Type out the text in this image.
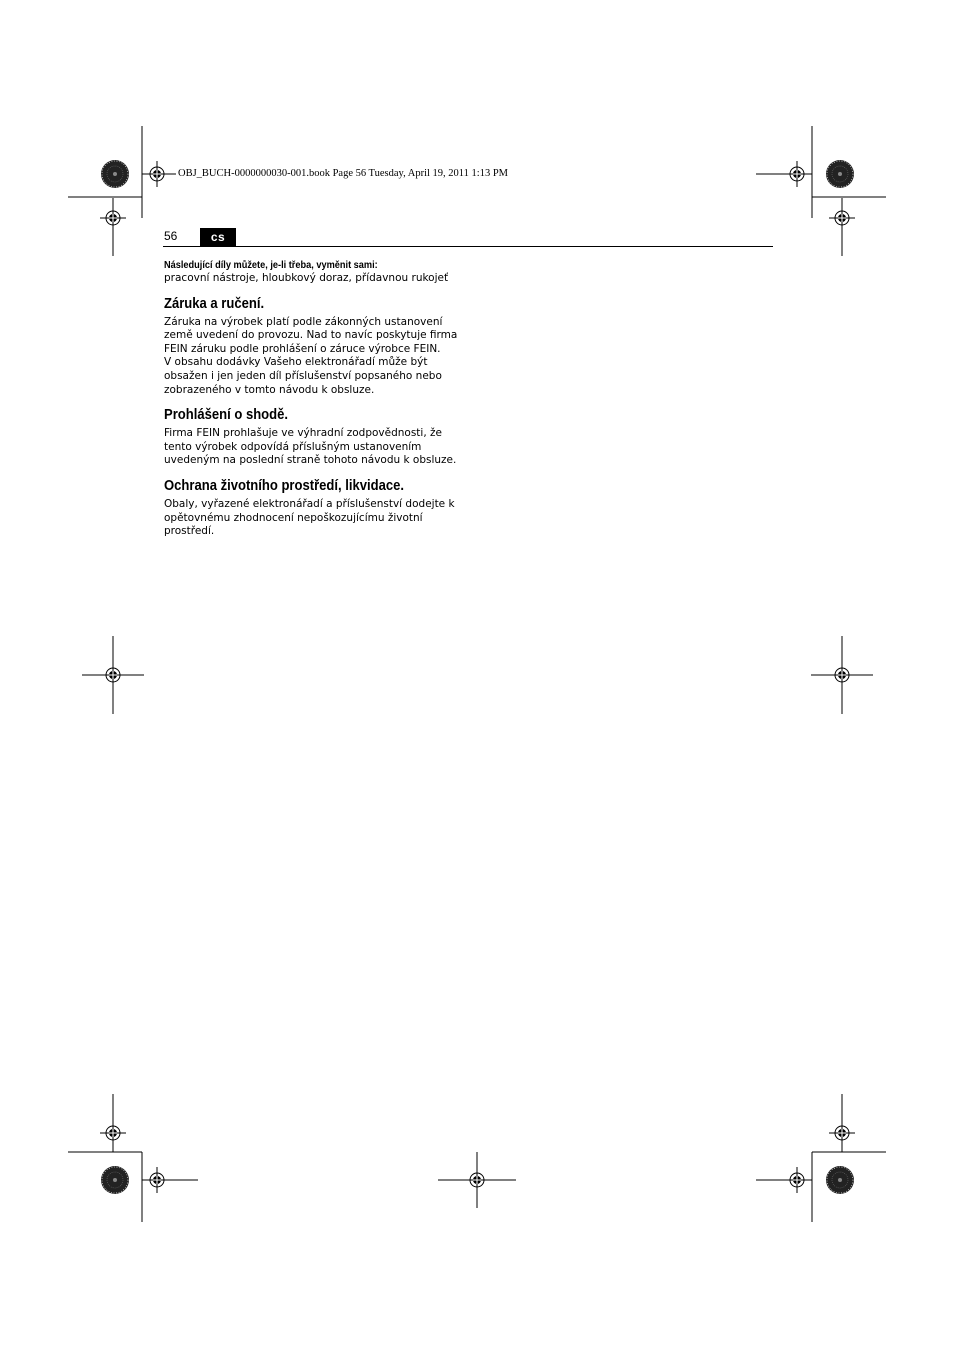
OBJ_BUCH-0000000030-001.book Page 56 Tuesday, April 19, 2011 1:13 PM
56	cs
Následující díly můžete, je-li třeba, vyměnit sami:

pracovní nástroje, hloubkový doraz, přídavnou rukojeť

Záruka a ručení.

Záruka na výrobek platí podle zákonných ustanovení

země uvedení do provozu. Nad to navíc poskytuje firma

FEIN záruku podle prohlášení o záruce výrobce FEIN.

V obsahu dodávky Vašeho elektronářadí může být

obsažen i jen jeden díl příslušenství popsaného nebo

zobrazeného v tomto návodu k obsluze.

Prohlášení o shodě.

Firma FEIN prohlašuje ve výhradní zodpovědnosti, že

tento výrobek odpovídá příslušným ustanovením

uvedeným na poslední straně tohoto návodu k obsluze.

Ochrana životního prostředí, likvidace.

Obaly, vyřazené elektronářadí a příslušenství dodejte k

opětovnému zhodnocení nepoškozujícímu životní

prostředí.
